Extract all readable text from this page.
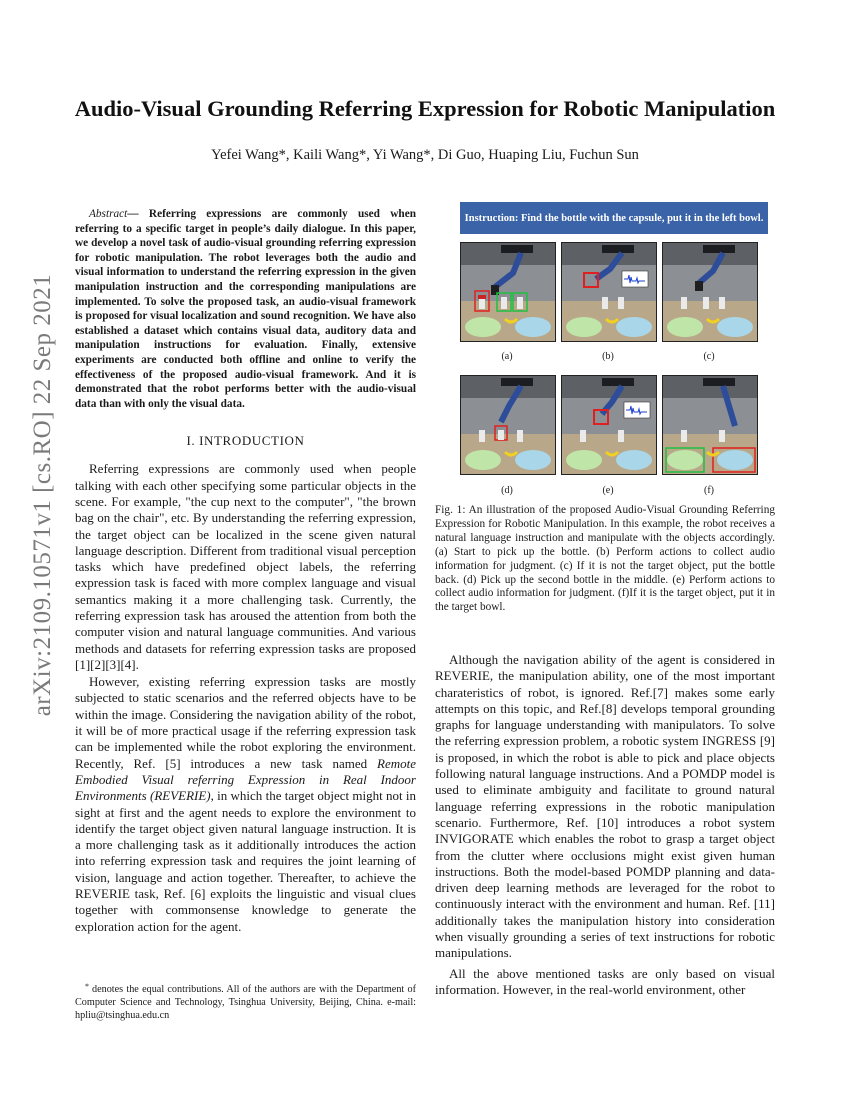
arXiv:2109.10571v1 [cs.RO] 22 Sep 2021
Audio-Visual Grounding Referring Expression for Robotic Manipulation
Yefei Wang*, Kaili Wang*, Yi Wang*, Di Guo, Huaping Liu, Fuchun Sun

Abstract— Referring expressions are commonly used when referring to a specific target in people’s daily dialogue. In this paper, we develop a novel task of audio-visual grounding referring expression for robotic manipulation. The robot leverages both the audio and visual information to understand the referring expression in the given manipulation instruction and the corresponding manipulations are implemented. To solve the proposed task, an audio-visual framework is proposed for visual localization and sound recognition. We have also established a dataset which contains visual data, auditory data and manipulation instructions for evaluation. Finally, extensive experiments are conducted both offline and online to verify the effectiveness of the proposed audio-visual framework. And it is demonstrated that the robot performs better with the audio-visual data than with only the visual data.

I. INTRODUCTION

Referring expressions are commonly used when people talking with each other specifying some particular objects in the scene. For example, "the cup next to the computer", "the brown bag on the chair", etc. By understanding the referring expression, the target object can be localized in the scene given natural language description. Different from traditional visual perception tasks which have predefined object labels, the referring expression task is faced with more complex language and visual semantics making it a more challenging task. Currently, the referring expression task has aroused the attention from both the computer vision and natural language communities. And various methods and datasets for referring expression tasks are proposed [1][2][3][4].

However, existing referring expression tasks are mostly subjected to static scenarios and the referred objects have to be within the image. Considering the navigation ability of the robot, it will be of more practical usage if the referring expression task can be implemented while the robot exploring the environment. Recently, Ref. [5] introduces a new task named Remote Embodied Visual referring Expression in Real Indoor Environments (REVERIE), in which the target object might not in sight at first and the agent needs to explore the environment to identify the target object given natural language instruction. It is a more challenging task as it additionally introduces the action into referring expression task and requires the joint learning of vision, language and action together. Thereafter, to achieve the REVERIE task, Ref. [6] exploits the linguistic and visual clues together with commonsense knowledge to generate the exploration action for the agent.

* denotes the equal contributions. All of the authors are with the Department of Computer Science and Technology, Tsinghua University, Beijing, China. e-mail: hpliu@tsinghua.edu.cn
Instruction: Find the bottle with the capsule, put it in the left bowl.
(a)	(b)	(c)
(d)	(e)	(f)
Fig. 1: An illustration of the proposed Audio-Visual Grounding Referring Expression for Robotic Manipulation. In this example, the robot receives a natural language instruction and manipulate with the objects accordingly. (a) Start to pick up the bottle. (b) Perform actions to collect audio information for judgment. (c) If it is not the target object, put the bottle back. (d) Pick up the second bottle in the middle. (e) Perform actions to collect audio information for judgment. (f)If it is the target object, put it in the target bowl.

Although the navigation ability of the agent is considered in REVERIE, the manipulation ability, one of the most important charateristics of robot, is ignored. Ref.[7] makes some early attempts on this topic, and Ref.[8] develops temporal grounding graphs for language understanding with manipulators. To solve the referring expression problem, a robotic system INGRESS [9] is proposed, in which the robot is able to pick and place objects following natural language instructions. And a POMDP model is used to eliminate ambiguity and facilitate to ground natural language referring expressions in the robotic manipulation scenario. Furthermore, Ref. [10] introduces a robot system INVIGORATE which enables the robot to grasp a target object from the clutter where occlusions might exist given human instructions. Both the model-based POMDP planning and data-driven deep learning methods are leveraged for the robot to continuously interact with the environment and human. Ref. [11] additionally takes the manipulation history into consideration when visually grounding a series of text instructions for robotic manipulations.

All the above mentioned tasks are only based on visual information. However, in the real-world environment, other
